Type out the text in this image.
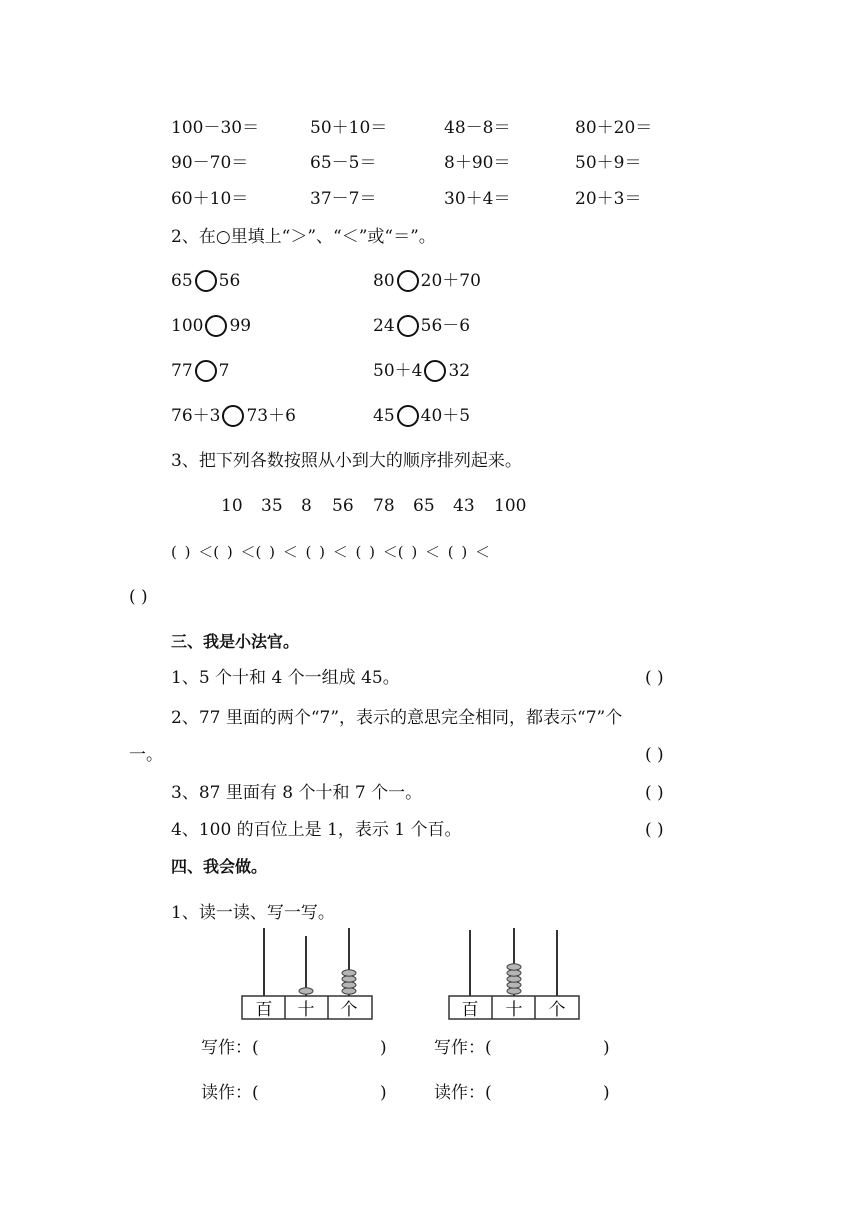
100－30＝	50＋10＝	48－8＝	80＋20＝
90－70＝	65－5＝	8＋90＝	50＋9＝
60＋10＝	37－7＝	30＋4＝	20＋3＝
2、在○里填上“＞”、“＜”或“＝”。
65 56	80 20＋70
100 99	24 56－6
77 7	50＋4 32
76＋3 73＋6	45 40＋5
3、把下列各数按照从小到大的顺序排列起来。
10 35 8 56 78 65 43 100
( ) ＜( ) ＜( ) ＜ ( ) ＜ ( ) ＜( ) ＜ ( ) ＜
( )
三、我是小法官。
1、5 个十和 4 个一组成 45。	( )
2、77 里面的两个“7”，表示的意思完全相同，都表示“7”个
一。	( )
3、87 里面有 8 个十和 7 个一。	( )
4、100 的百位上是 1，表示 1 个百。	( )
四、我会做。
1、读一读、写一写。
百 十 个	百 十 个
写作：(	)	写作：(	)
读作：(	)	读作：(	)
